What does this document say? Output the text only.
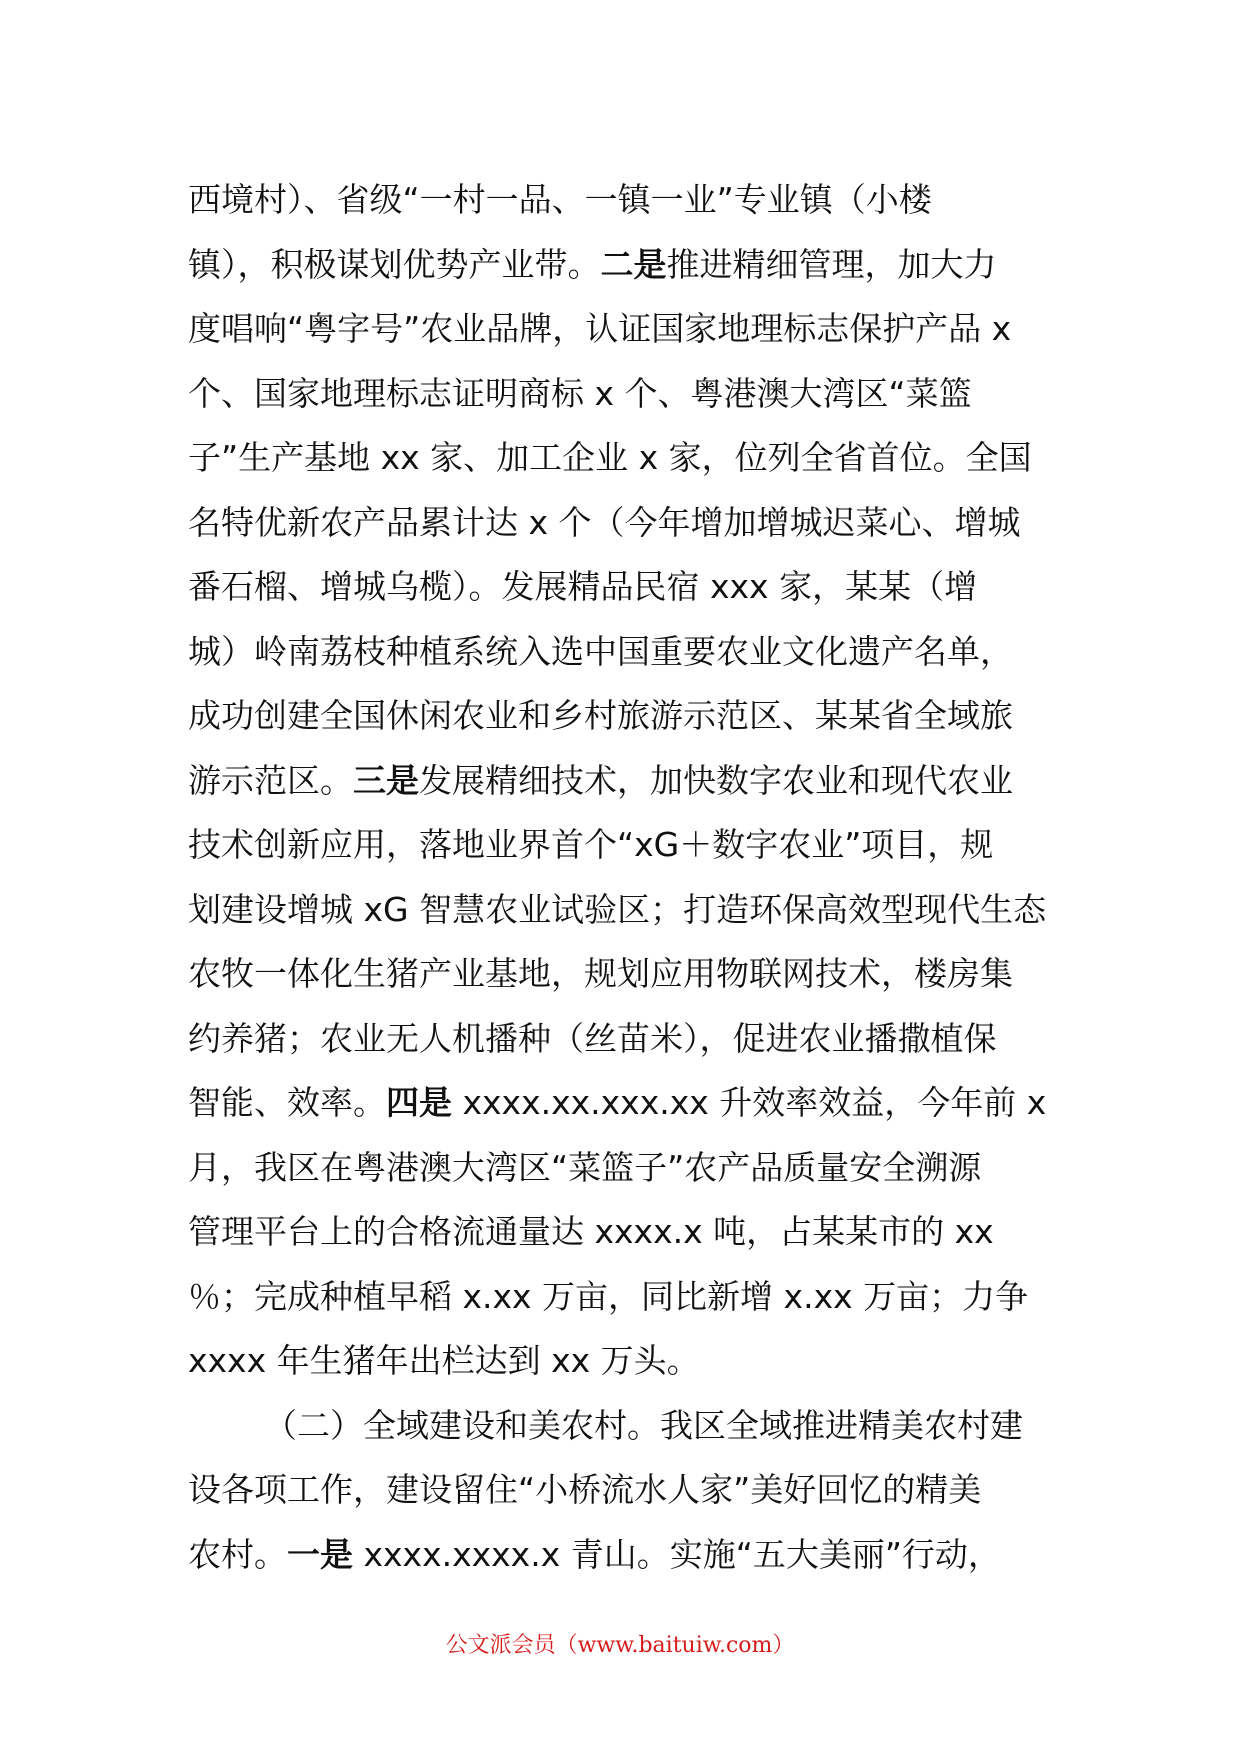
西境村）、省级“一村一品、一镇一业”专业镇（小楼
镇），积极谋划优势产业带。二是推进精细管理，加大力
度唱响“粤字号”农业品牌，认证国家地理标志保护产品 x
个、国家地理标志证明商标 x 个、粤港澳大湾区“菜篮
子”生产基地 xx 家、加工企业 x 家，位列全省首位。全国
名特优新农产品累计达 x 个（今年增加增城迟菜心、增城
番石榴、增城乌榄）。发展精品民宿 xxx 家，某某（增
城）岭南荔枝种植系统入选中国重要农业文化遗产名单，
成功创建全国休闲农业和乡村旅游示范区、某某省全域旅
游示范区。三是发展精细技术，加快数字农业和现代农业
技术创新应用，落地业界首个“xG＋数字农业”项目，规
划建设增城 xG 智慧农业试验区；打造环保高效型现代生态
农牧一体化生猪产业基地，规划应用物联网技术，楼房集
约养猪；农业无人机播种（丝苗米），促进农业播撒植保
智能、效率。四是 xxxx.xx.xxx.xx 升效率效益，今年前 x
月，我区在粤港澳大湾区“菜篮子”农产品质量安全溯源
管理平台上的合格流通量达 xxxx.x 吨，占某某市的 xx
％；完成种植早稻 x.xx 万亩，同比新增 x.xx 万亩；力争
xxxx 年生猪年出栏达到 xx 万头。
（二）全域建设和美农村。我区全域推进精美农村建
设各项工作，建设留住“小桥流水人家”美好回忆的精美
农村。一是 xxxx.xxxx.x 青山。实施“五大美丽”行动，
公文派会员（www.baituiw.com）
